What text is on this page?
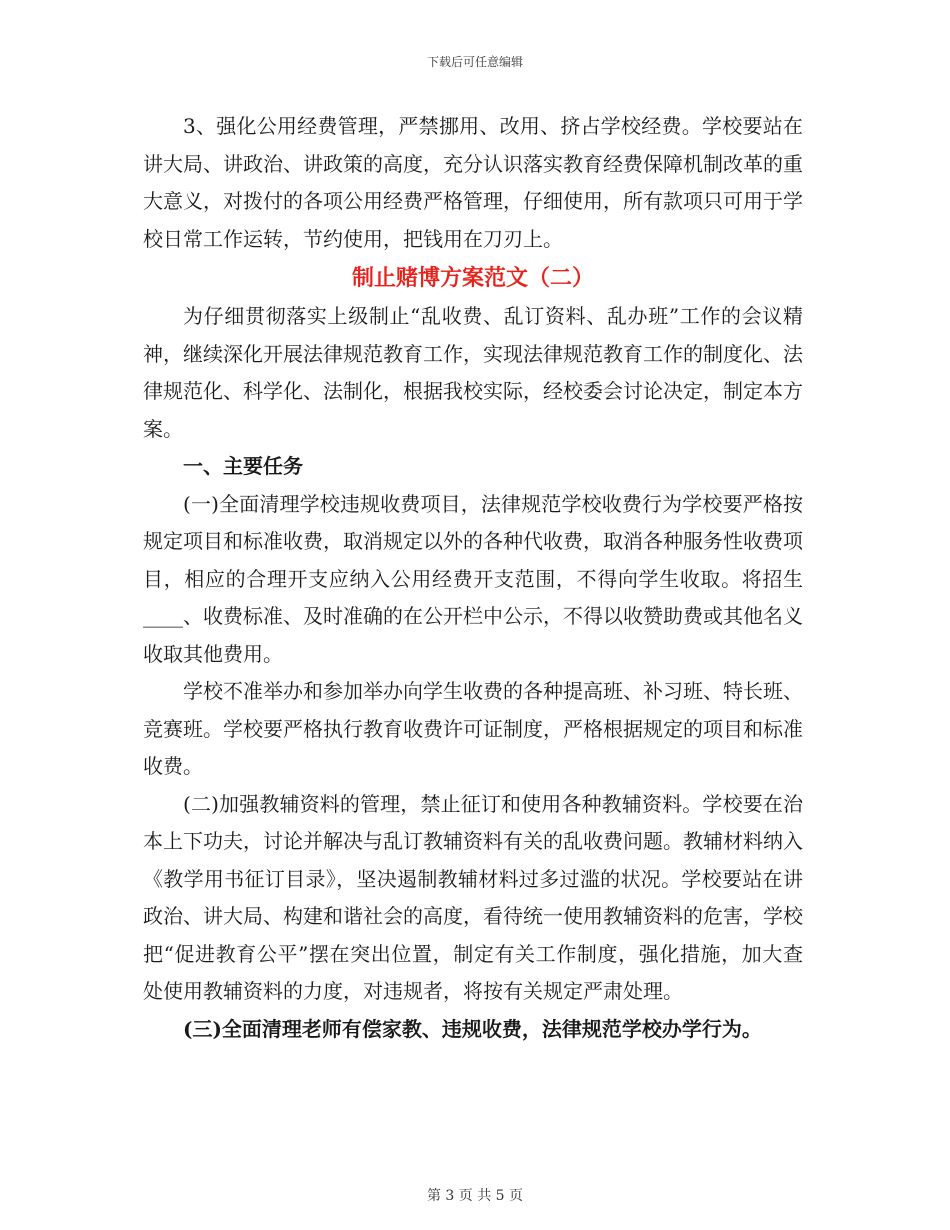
下载后可任意编辑

3、强化公用经费管理，严禁挪用、改用、挤占学校经费。学校要站在讲大局、讲政治、讲政策的高度，充分认识落实教育经费保障机制改革的重大意义，对拨付的各项公用经费严格管理，仔细使用，所有款项只可用于学校日常工作运转，节约使用，把钱用在刀刃上。

制止赌博方案范文（二）

为仔细贯彻落实上级制止“乱收费、乱订资料、乱办班”工作的会议精神，继续深化开展法律规范教育工作，实现法律规范教育工作的制度化、法律规范化、科学化、法制化，根据我校实际，经校委会讨论决定，制定本方案。

一、主要任务

(一)全面清理学校违规收费项目，法律规范学校收费行为学校要严格按规定项目和标准收费，取消规定以外的各种代收费，取消各种服务性收费项目，相应的合理开支应纳入公用经费开支范围，不得向学生收取。将招生____、收费标准、及时准确的在公开栏中公示，不得以收赞助费或其他名义收取其他费用。

学校不准举办和参加举办向学生收费的各种提高班、补习班、特长班、竞赛班。学校要严格执行教育收费许可证制度，严格根据规定的项目和标准收费。

(二)加强教辅资料的管理，禁止征订和使用各种教辅资料。学校要在治本上下功夫，讨论并解决与乱订教辅资料有关的乱收费问题。教辅材料纳入《教学用书征订目录》，坚决遏制教辅材料过多过滥的状况。学校要站在讲政治、讲大局、构建和谐社会的高度，看待统一使用教辅资料的危害，学校把“促进教育公平”摆在突出位置，制定有关工作制度，强化措施，加大查处使用教辅资料的力度，对违规者，将按有关规定严肃处理。

(三)全面清理老师有偿家教、违规收费，法律规范学校办学行为。

第 3 页 共 5 页
